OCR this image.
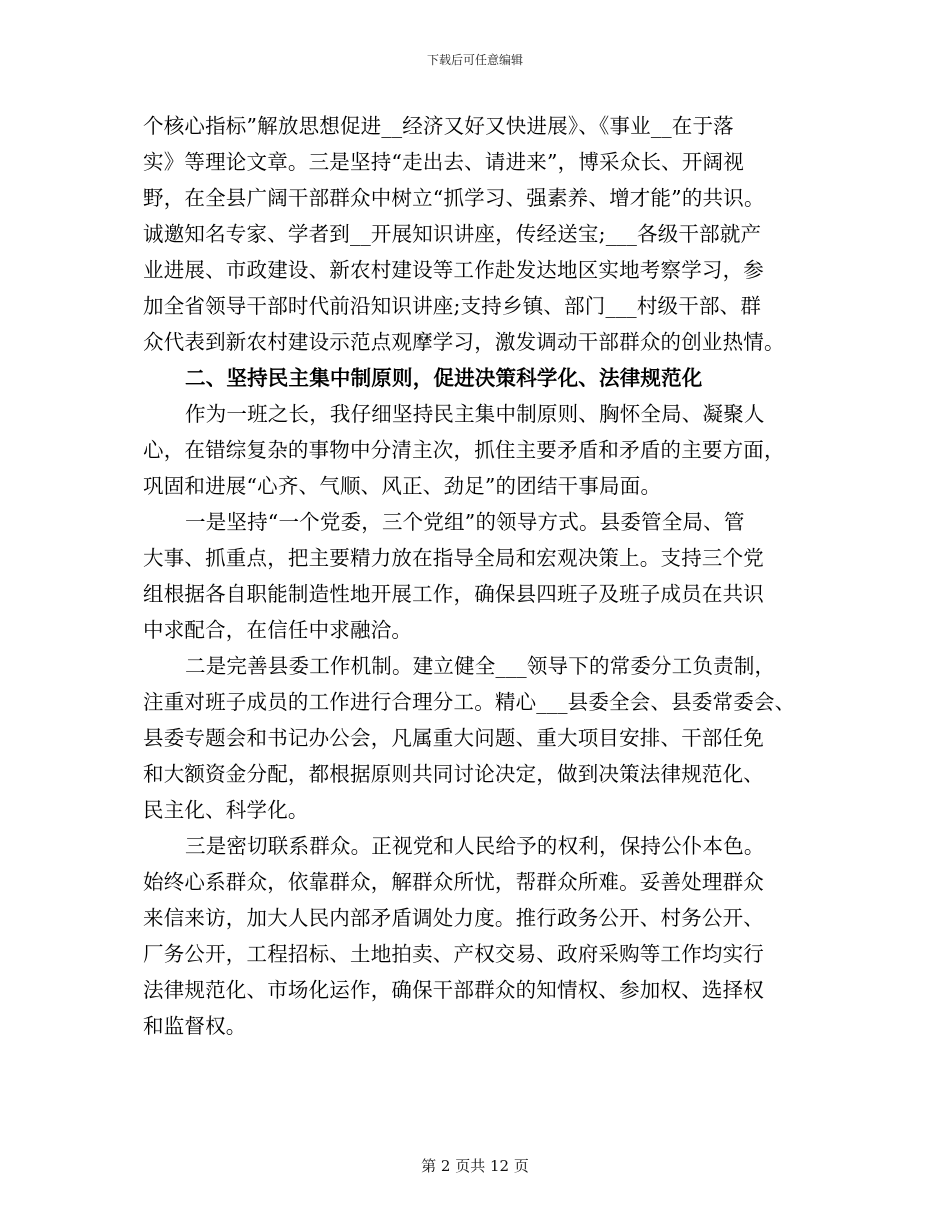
下载后可任意编辑
个核心指标”解放思想促进__经济又好又快进展》、《事业__在于落
实》等理论文章。三是坚持“走出去、请进来”，博采众长、开阔视
野，在全县广阔干部群众中树立“抓学习、强素养、增才能”的共识。
诚邀知名专家、学者到__开展知识讲座，传经送宝;___各级干部就产
业进展、市政建设、新农村建设等工作赴发达地区实地考察学习，参
加全省领导干部时代前沿知识讲座;支持乡镇、部门___村级干部、群
众代表到新农村建设示范点观摩学习，激发调动干部群众的创业热情。
二、坚持民主集中制原则，促进决策科学化、法律规范化
作为一班之长，我仔细坚持民主集中制原则、胸怀全局、凝聚人
心，在错综复杂的事物中分清主次，抓住主要矛盾和矛盾的主要方面，
巩固和进展“心齐、气顺、风正、劲足”的团结干事局面。
一是坚持“一个党委，三个党组”的领导方式。县委管全局、管
大事、抓重点，把主要精力放在指导全局和宏观决策上。支持三个党
组根据各自职能制造性地开展工作，确保县四班子及班子成员在共识
中求配合，在信任中求融洽。
二是完善县委工作机制。建立健全___领导下的常委分工负责制，
注重对班子成员的工作进行合理分工。精心___县委全会、县委常委会、
县委专题会和书记办公会，凡属重大问题、重大项目安排、干部任免
和大额资金分配，都根据原则共同讨论决定，做到决策法律规范化、
民主化、科学化。
三是密切联系群众。正视党和人民给予的权利，保持公仆本色。
始终心系群众，依靠群众，解群众所忧，帮群众所难。妥善处理群众
来信来访，加大人民内部矛盾调处力度。推行政务公开、村务公开、
厂务公开，工程招标、土地拍卖、产权交易、政府采购等工作均实行
法律规范化、市场化运作，确保干部群众的知情权、参加权、选择权
和监督权。
第 2 页共 12 页
